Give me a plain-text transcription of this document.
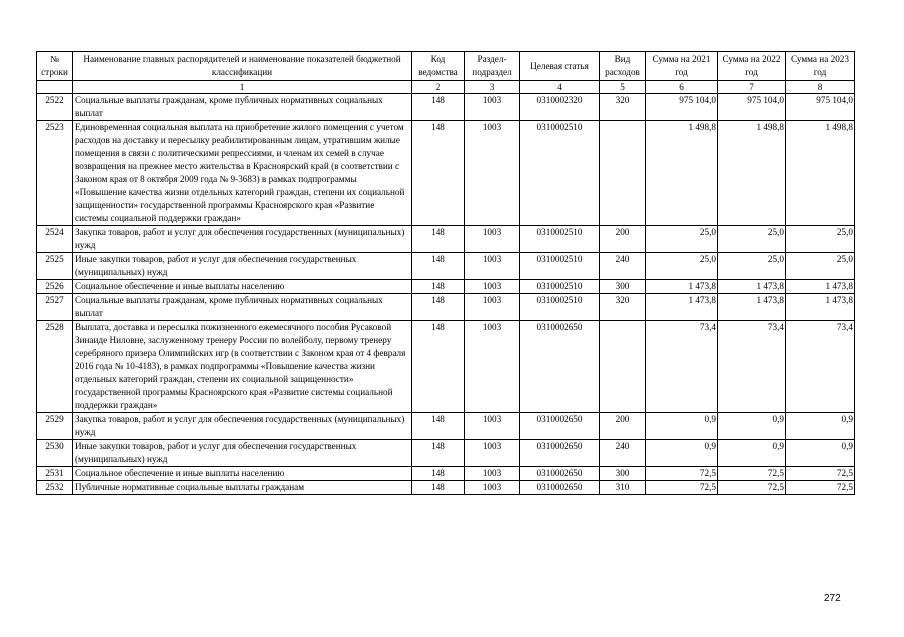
№ строки	Наименование главных распорядителей и наименование показателей бюджетной классификации	Код ведомства	Раздел-подраздел	Целевая статья	Вид расходов	Сумма на 2021 год	Сумма на 2022 год	Сумма на 2023 год
	1	2	3	4	5	6	7	8
2522	Социальные выплаты гражданам, кроме публичных нормативных социальных выплат	148	1003	0310002320	320	975 104,0	975 104,0	975 104,0
2523	Единовременная социальная выплата на приобретение жилого помещения с учетом расходов на доставку и пересылку реабилитированным лицам, утратившим жилые помещения в связи с политическими репрессиями, и членам их семей в случае возвращения на прежнее место жительства в Красноярский край (в соответствии с Законом края от 8 октября 2009 года № 9-3683) в рамках подпрограммы «Повышение качества жизни отдельных категорий граждан, степени их социальной защищенности» государственной программы Красноярского края «Развитие системы социальной поддержки граждан»	148	1003	0310002510		1 498,8	1 498,8	1 498,8
2524	Закупка товаров, работ и услуг для обеспечения государственных (муниципальных) нужд	148	1003	0310002510	200	25,0	25,0	25,0
2525	Иные закупки товаров, работ и услуг для обеспечения государственных (муниципальных) нужд	148	1003	0310002510	240	25,0	25,0	25,0
2526	Социальное обеспечение и иные выплаты населению	148	1003	0310002510	300	1 473,8	1 473,8	1 473,8
2527	Социальные выплаты гражданам, кроме публичных нормативных социальных выплат	148	1003	0310002510	320	1 473,8	1 473,8	1 473,8
2528	Выплата, доставка и пересылка пожизненного ежемесячного пособия Русаковой Зинаиде Ниловне, заслуженному тренеру России по волейболу, первому тренеру серебряного призера Олимпийских игр (в соответствии с Законом края от 4 февраля 2016 года № 10-4183), в рамках подпрограммы «Повышение качества жизни отдельных категорий граждан, степени их социальной защищенности» государственной программы Красноярского края «Развитие системы социальной поддержки граждан»	148	1003	0310002650		73,4	73,4	73,4
2529	Закупка товаров, работ и услуг для обеспечения государственных (муниципальных) нужд	148	1003	0310002650	200	0,9	0,9	0,9
2530	Иные закупки товаров, работ и услуг для обеспечения государственных (муниципальных) нужд	148	1003	0310002650	240	0,9	0,9	0,9
2531	Социальное обеспечение и иные выплаты населению	148	1003	0310002650	300	72,5	72,5	72,5
2532	Публичные нормативные социальные выплаты гражданам	148	1003	0310002650	310	72,5	72,5	72,5
272
